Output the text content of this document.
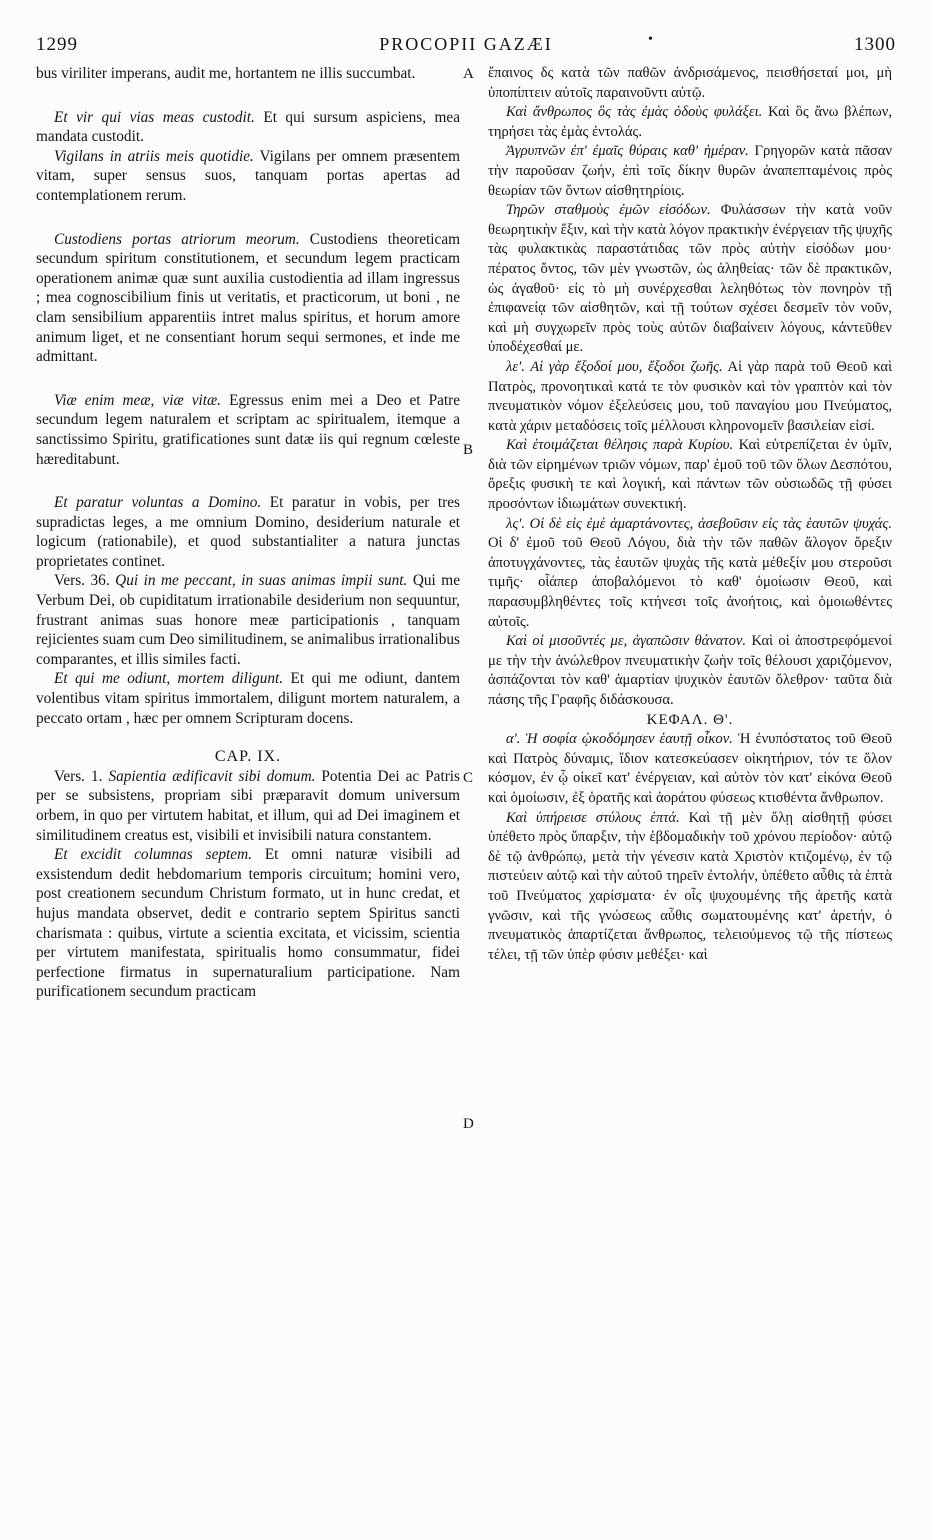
1299	PROCOPII GAZÆI	•	1300
A
B
C
D

bus viriliter imperans, audit me, hortantem ne illis succumbat.

Et vir qui vias meas custodit. Et qui sursum aspiciens, mea mandata custodit.

Vigilans in atriis meis quotidie. Vigilans per omnem præsentem vitam, super sensus suos, tanquam portas apertas ad contemplationem rerum.

Custodiens portas atriorum meorum. Custodiens theoreticam secundum spiritum constitutionem, et secundum legem practicam operationem animæ quæ sunt auxilia custodientia ad illam ingressus ; mea cognoscibilium finis ut veritatis, et practicorum, ut boni , ne clam sensibilium apparentiis intret malus spiritus, et horum amore animum liget, et ne consentiant horum sequi sermones, et inde me admittant.

Viæ enim meæ, viæ vitæ. Egressus enim mei a Deo et Patre secundum legem naturalem et scriptam ac spiritualem, itemque a sanctissimo Spiritu, gratificationes sunt datæ iis qui regnum cœleste hæreditabunt.

Et paratur voluntas a Domino. Et paratur in vobis, per tres supradictas leges, a me omnium Domino, desiderium naturale et logicum (rationabile), et quod substantialiter a natura junctas proprietates continet.

Vers. 36. Qui in me peccant, in suas animas impii sunt. Qui me Verbum Dei, ob cupiditatum irrationabile desiderium non sequuntur, frustrant animas suas honore meæ participationis , tanquam rejicientes suam cum Deo similitudinem, se animalibus irrationalibus comparantes, et illis similes facti.

Et qui me odiunt, mortem diligunt. Et qui me odiunt, dantem volentibus vitam spiritus immortalem, diligunt mortem naturalem, a peccato ortam , hæc per omnem Scripturam docens.

CAP. IX.

Vers. 1. Sapientia ædificavit sibi domum. Potentia Dei ac Patris per se subsistens, propriam sibi præparavit domum universum orbem, in quo per virtutem habitat, et illum, qui ad Dei imaginem et similitudinem creatus est, visibili et invisibili natura constantem.

Et excidit columnas septem. Et omni naturæ visibili ad exsistendum dedit hebdomarium temporis circuitum; homini vero, post creationem secundum Christum formato, ut in hunc credat, et hujus mandata observet, dedit e contrario septem Spiritus sancti charismata : quibus, virtute a scientia excitata, et vicissim, scientia per virtutem manifestata, spiritualis homo consummatur, fidei perfectione firmatus in supernaturalium participatione. Nam purificationem secundum practicam

ἔπαινος δς κατὰ τῶν παθῶν ἀνδρισάμενος, πεισθήσεταί μοι, μὴ ὑποπίπτειν αὐτοῖς παραινοῦντι αὐτῷ.

Καὶ ἄνθρωπος ὃς τὰς ἐμὰς ὁδοὺς φυλάξει. Καὶ ὃς ἄνω βλέπων, τηρήσει τὰς ἐμὰς ἐντολάς.

Ἀγρυπνῶν ἐπ' ἐμαῖς θύραις καθ' ἡμέραν. Γρηγορῶν κατὰ πᾶσαν τὴν παροῦσαν ζωήν, ἐπὶ τοῖς δίκην θυρῶν ἀναπεπταμένοις πρὸς θεωρίαν τῶν ὄντων αἰσθητηρίοις.

Τηρῶν σταθμοὺς ἐμῶν εἰσόδων. Φυλάσσων τὴν κατὰ νοῦν θεωρητικὴν ἕξιν, καὶ τὴν κατὰ λόγον πρακτικὴν ἐνέργειαν τῆς ψυχῆς τὰς φυλακτικὰς παραστάτιδας τῶν πρὸς αὐτὴν εἰσόδων μου· πέρατος ὄντος, τῶν μὲν γνωστῶν, ὡς ἀληθείας· τῶν δὲ πρακτικῶν, ὡς ἀγαθοῦ· εἰς τὸ μὴ συνέρχεσθαι λεληθότως τὸν πονηρὸν τῇ ἐπιφανείᾳ τῶν αἰσθητῶν, καὶ τῇ τούτων σχέσει δεσμεῖν τὸν νοῦν, καὶ μὴ συγχωρεῖν πρὸς τοὺς αὐτῶν διαβαίνειν λόγους, κἀντεῦθεν ὑποδέχεσθαί με.

λε'. Αἱ γὰρ ἔξοδοί μου, ἔξοδοι ζωῆς. Αἱ γὰρ παρὰ τοῦ Θεοῦ καὶ Πατρὸς, προνοητικαὶ κατά τε τὸν φυσικὸν καὶ τὸν γραπτὸν καὶ τὸν πνευματικὸν νόμον ἐξελεύσεις μου, τοῦ παναγίου μου Πνεύματος, κατὰ χάριν μεταδόσεις τοῖς μέλλουσι κληρονομεῖν βασιλείαν εἰσί.

Καὶ ἑτοιμάζεται θέλησις παρὰ Κυρίου. Καὶ εὐτρεπίζεται ἐν ὑμῖν, διὰ τῶν εἰρημένων τριῶν νόμων, παρ' ἐμοῦ τοῦ τῶν ὅλων Δεσπότου, ὄρεξις φυσικὴ τε καὶ λογική, καὶ πάντων τῶν οὐσιωδῶς τῇ φύσει προσόντων ἰδιωμάτων συνεκτική.

λς'. Οἱ δὲ εἰς ἐμὲ ἁμαρτάνοντες, ἀσεβοῦσιν εἰς τὰς ἑαυτῶν ψυχάς. Οἱ δ' ἐμοῦ τοῦ Θεοῦ Λόγου, διὰ τὴν τῶν παθῶν ἄλογον ὄρεξιν ἀποτυγχάνοντες, τὰς ἑαυτῶν ψυχὰς τῆς κατὰ μέθεξίν μου στεροῦσι τιμῆς· οἷάπερ ἀποβαλόμενοι τὸ καθ' ὁμοίωσιν Θεοῦ, καὶ παρασυμβληθέντες τοῖς κτήνεσι τοῖς ἀνοήτοις, καὶ ὁμοιωθέντες αὐτοῖς.

Καὶ οἱ μισοῦντές με, ἀγαπῶσιν θάνατον. Καὶ οἱ ἀποστρεφόμενοί με τὴν τὴν ἀνώλεθρον πνευματικὴν ζωὴν τοῖς θέλουσι χαριζόμενον, ἀσπάζονται τὸν καθ' ἁμαρτίαν ψυχικὸν ἑαυτῶν ὄλεθρον· ταῦτα διὰ πάσης τῆς Γραφῆς διδάσκουσα.

ΚΕΦΑΛ. Θ'.

α'. Ἡ σοφία ᾠκοδόμησεν ἑαυτῇ οἶκον. Ἡ ἐνυπόστατος τοῦ Θεοῦ καὶ Πατρὸς δύναμις, ἴδιον κατεσκεύασεν οἰκητήριον, τόν τε ὅλον κόσμον, ἐν ᾧ οἰκεῖ κατ' ἐνέργειαν, καὶ αὐτὸν τὸν κατ' εἰκόνα Θεοῦ καὶ ὁμοίωσιν, ἐξ ὁρατῆς καὶ ἀοράτου φύσεως κτισθέντα ἄνθρωπον.

Καὶ ὑπήρεισε στύλους ἑπτά. Καὶ τῇ μὲν ὅλῃ αἰσθητῇ φύσει ὑπέθετο πρὸς ὕπαρξιν, τὴν ἑβδομαδικὴν τοῦ χρόνου περίοδον· αὐτῷ δὲ τῷ ἀνθρώπῳ, μετὰ τὴν γένεσιν κατὰ Χριστὸν κτιζομένῳ, ἐν τῷ πιστεύειν αὐτῷ καὶ τὴν αὐτοῦ τηρεῖν ἐντολήν, ὑπέθετο αὖθις τὰ ἑπτὰ τοῦ Πνεύματος χαρίσματα· ἐν οἷς ψυχουμένης τῆς ἀρετῆς κατὰ γνῶσιν, καὶ τῆς γνώσεως αὖθις σωματουμένης κατ' ἀρετήν, ὁ πνευματικὸς ἀπαρτίζεται ἄνθρωπος, τελειούμενος τῷ τῆς πίστεως τέλει, τῇ τῶν ὑπὲρ φύσιν μεθέξει· καὶ
